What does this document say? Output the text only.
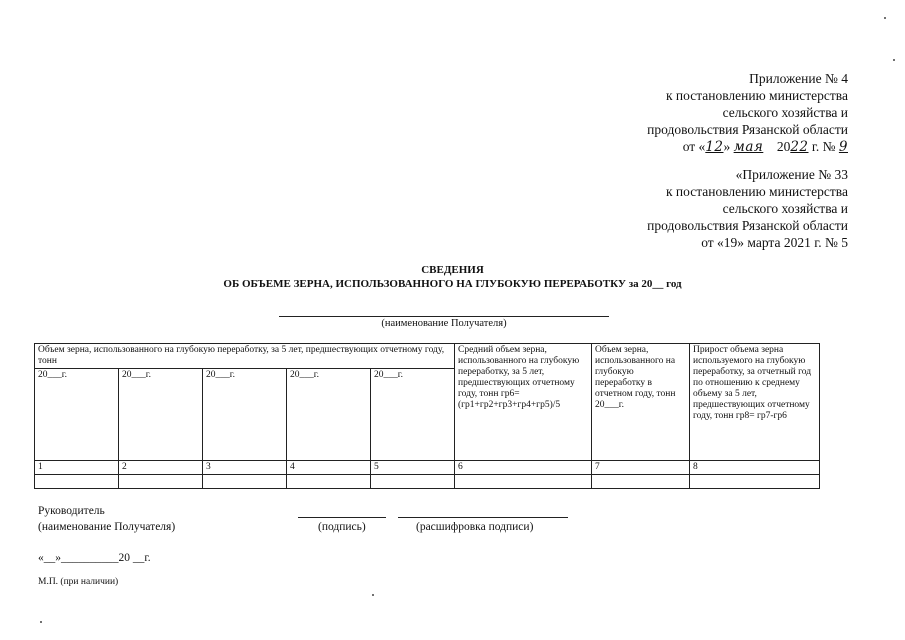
Приложение № 4
к постановлению министерства
сельского хозяйства и
продовольствия Рязанской области
от «12» мая    2022 г. № 9
«Приложение № 33
к постановлению министерства
сельского хозяйства и
продовольствия Рязанской области
от «19» марта 2021 г. № 5
СВЕДЕНИЯ
ОБ ОБЪЕМЕ ЗЕРНА, ИСПОЛЬЗОВАННОГО НА ГЛУБОКУЮ ПЕРЕРАБОТКУ за 20__ год
(наименование Получателя)
Объем зерна, использованного на глубокую переработку, за 5 лет, предшествующих отчетному году, тонн					Средний объем зерна, использованного на глубокую переработку, за 5 лет, предшествующих отчетному году, тонн гр6=(гр1+гр2+гр3+гр4+гр5)/5	Объем зерна, использованного на глубокую переработку в отчетном году, тонн 20___г.	Прирост объема зерна используемого на глубокую переработку, за отчетный год по отношению к среднему объему за 5 лет, предшествующих отчетному году, тонн гр8= гр7-гр6
20___г.	20___г.	20___г.	20___г.	20___г.			
1	2	3	4	5	6	7	8

Руководитель
(наименование Получателя)	(подпись)	(расшифровка подписи)
«__»__________20 __г.
М.П. (при наличии)
